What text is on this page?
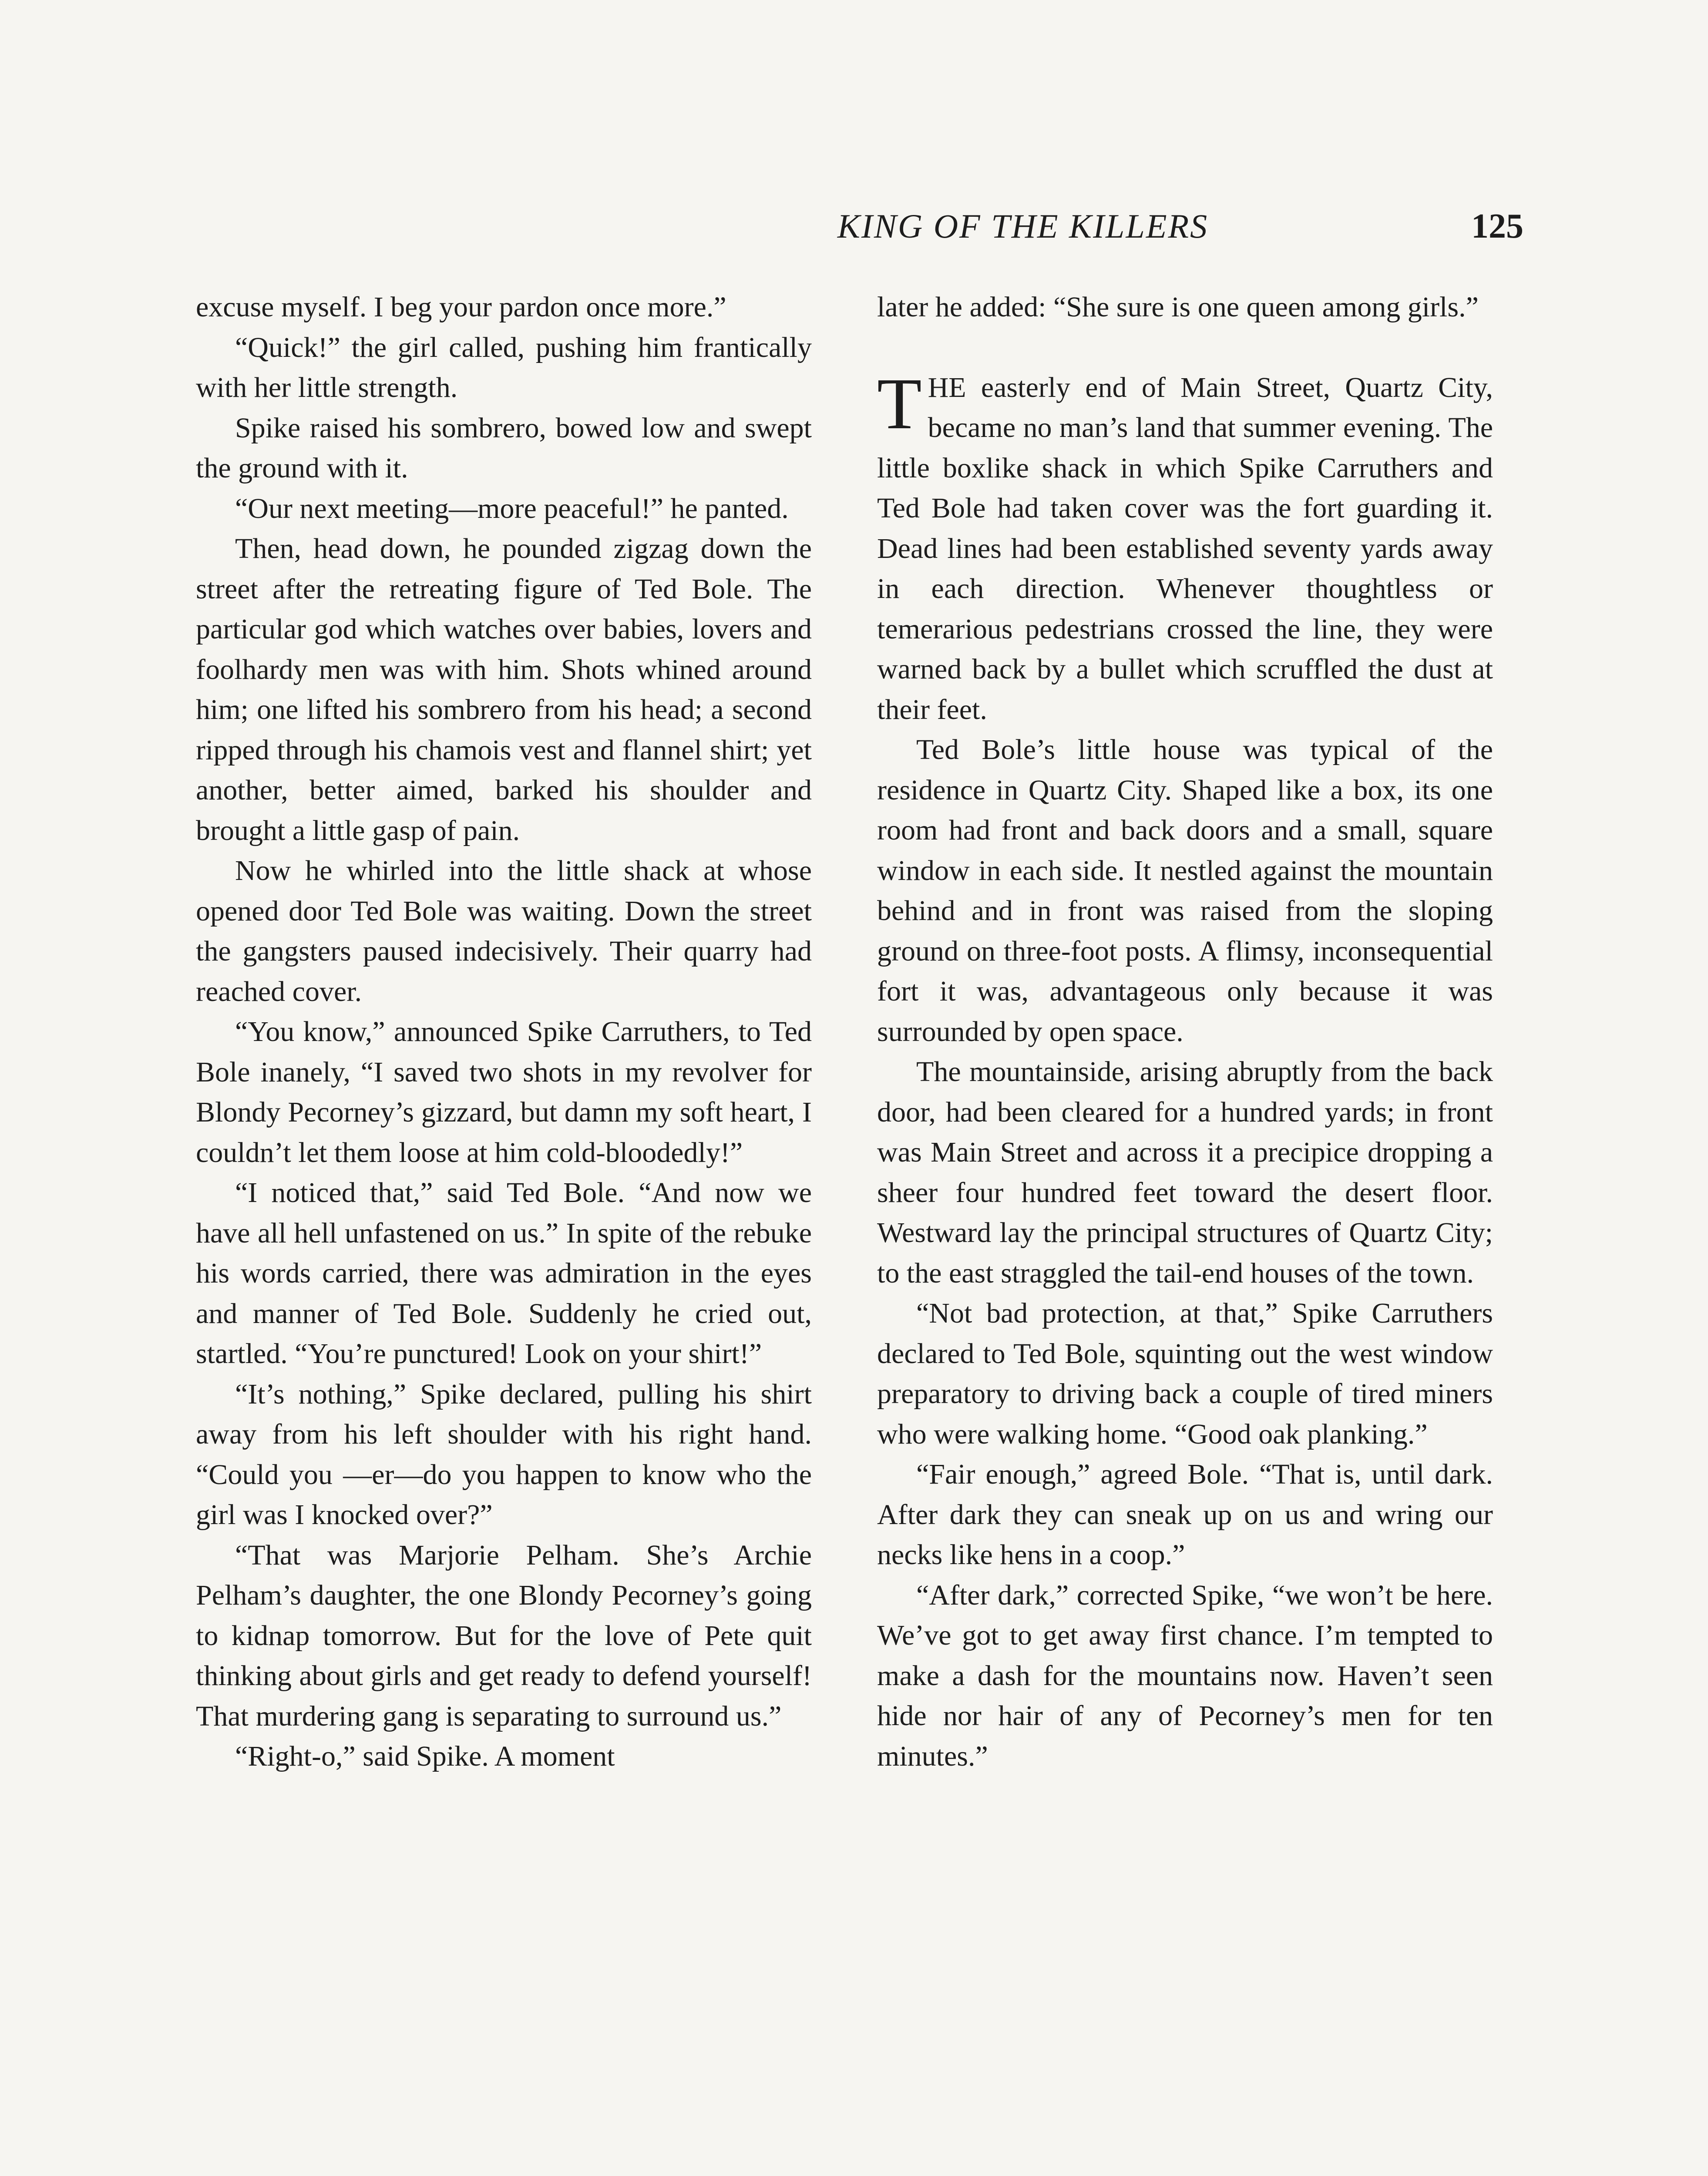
KING OF THE KILLERS	125

excuse myself. I beg your pardon once more.”

“Quick!” the girl called, pushing him frantically with her little strength.

Spike raised his sombrero, bowed low and swept the ground with it.

“Our next meeting—more peaceful!” he panted.

Then, head down, he pounded zigzag down the street after the retreating figure of Ted Bole. The particular god which watches over babies, lovers and foolhardy men was with him. Shots whined around him; one lifted his sombrero from his head; a second ripped through his chamois vest and flannel shirt; yet another, better aimed, barked his shoulder and brought a little gasp of pain.

Now he whirled into the little shack at whose opened door Ted Bole was waiting. Down the street the gangsters paused indecisively. Their quarry had reached cover.

“You know,” announced Spike Carruthers, to Ted Bole inanely, “I saved two shots in my revolver for Blondy Pecorney’s gizzard, but damn my soft heart, I couldn’t let them loose at him cold-bloodedly!”

“I noticed that,” said Ted Bole. “And now we have all hell unfastened on us.” In spite of the rebuke his words carried, there was admiration in the eyes and manner of Ted Bole. Suddenly he cried out, startled. “You’re punctured! Look on your shirt!”

“It’s nothing,” Spike declared, pulling his shirt away from his left shoulder with his right hand. “Could you —er—do you happen to know who the girl was I knocked over?”

“That was Marjorie Pelham. She’s Archie Pelham’s daughter, the one Blondy Pecorney’s going to kidnap tomorrow. But for the love of Pete quit thinking about girls and get ready to defend yourself! That murdering gang is separating to surround us.”

“Right-o,” said Spike. A moment

later he added: “She sure is one queen among girls.”

THE easterly end of Main Street, Quartz City, became no man’s land that summer evening. The little boxlike shack in which Spike Carruthers and Ted Bole had taken cover was the fort guarding it. Dead lines had been established seventy yards away in each direction. Whenever thoughtless or temerarious pedestrians crossed the line, they were warned back by a bullet which scruffled the dust at their feet.

Ted Bole’s little house was typical of the residence in Quartz City. Shaped like a box, its one room had front and back doors and a small, square window in each side. It nestled against the mountain behind and in front was raised from the sloping ground on three-foot posts. A flimsy, inconsequential fort it was, advantageous only because it was surrounded by open space.

The mountainside, arising abruptly from the back door, had been cleared for a hundred yards; in front was Main Street and across it a precipice dropping a sheer four hundred feet toward the desert floor. Westward lay the principal structures of Quartz City; to the east straggled the tail-end houses of the town.

“Not bad protection, at that,” Spike Carruthers declared to Ted Bole, squinting out the west window preparatory to driving back a couple of tired miners who were walking home. “Good oak planking.”

“Fair enough,” agreed Bole. “That is, until dark. After dark they can sneak up on us and wring our necks like hens in a coop.”

“After dark,” corrected Spike, “we won’t be here. We’ve got to get away first chance. I’m tempted to make a dash for the mountains now. Haven’t seen hide nor hair of any of Pecorney’s men for ten minutes.”
